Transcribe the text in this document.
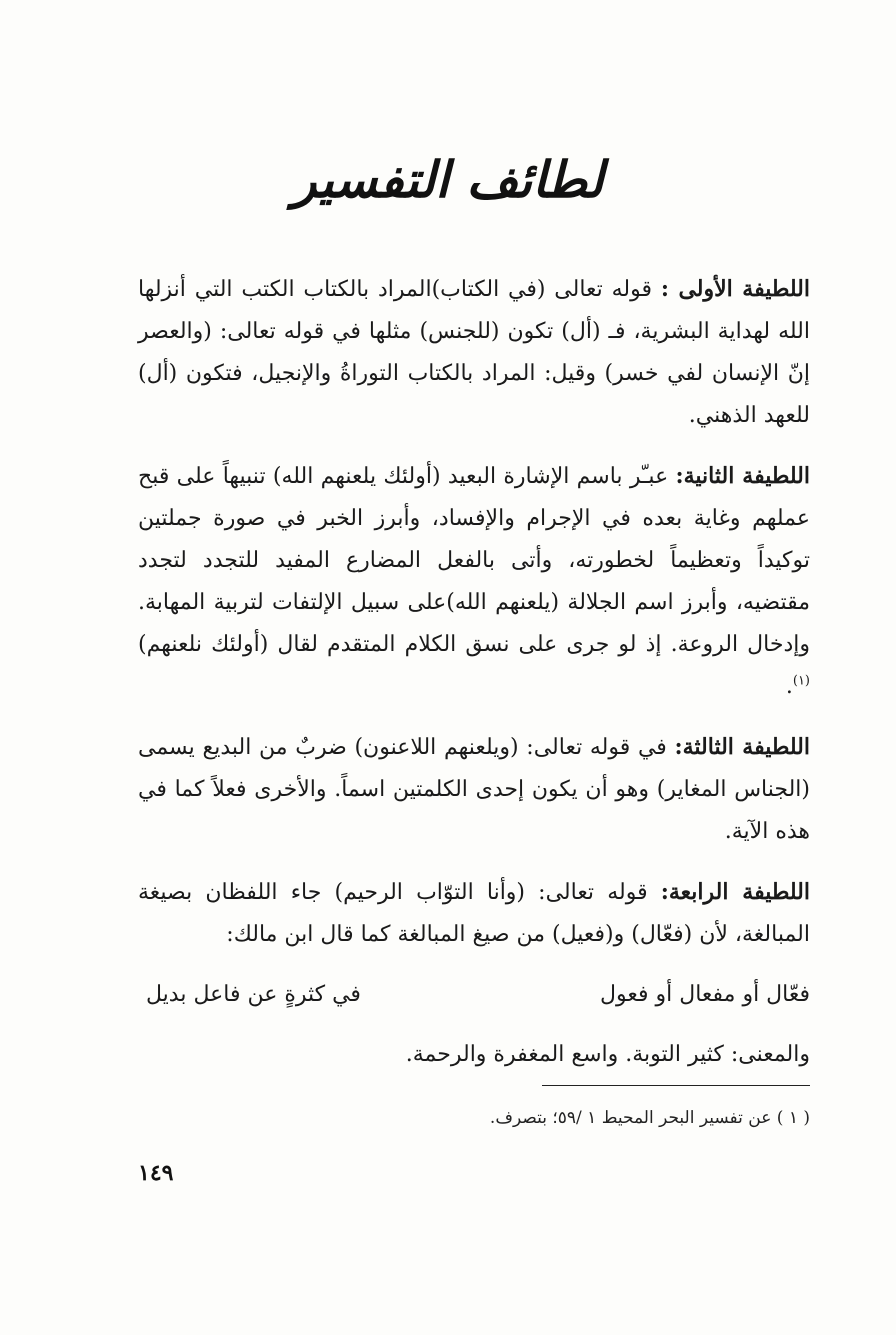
لطائف التفسير

اللطيفة الأولى : قوله تعالى (في الكتاب)المراد بالكتاب الكتب التي أنزلها الله لهداية البشرية، فـ (أل) تكون (للجنس) مثلها في قوله تعالى: (والعصر إنّ الإنسان لفي خسر) وقيل: المراد بالكتاب التوراةُ والإنجيل، فتكون (أل) للعهد الذهني.

اللطيفة الثانية: عبـّر باسم الإشارة البعيد (أولئك يلعنهم الله) تنبيهاً على قبح عملهم وغاية بعده في الإجرام والإفساد، وأبرز الخبر في صورة جملتين توكيداً وتعظيماً لخطورته، وأتى بالفعل المضارع المفيد للتجدد لتجدد مقتضيه، وأبرز اسم الجلالة (يلعنهم الله)على سبيل الإلتفات لتربية المهابة. وإدخال الروعة. إذ لو جرى على نسق الكلام المتقدم لقال (أولئك نلعنهم)$^{(١)}$.

اللطيفة الثالثة: في قوله تعالى: (ويلعنهم اللاعنون) ضربٌ من البديع يسمى (الجناس المغاير) وهو أن يكون إحدى الكلمتين اسماً. والأخرى فعلاً كما في هذه الآية.

اللطيفة الرابعة: قوله تعالى: (وأنا التوّاب الرحيم) جاء اللفظان بصيغة المبالغة، لأن (فعّال) و(فعيل) من صيغ المبالغة كما قال ابن مالك:

فعّال أو مفعال أو فعول
في كثرةٍ عن فاعل بديل

والمعنى: كثير التوبة. واسع المغفرة والرحمة.

( ١ ) عن تفسير البحر المحيط ١ /٥٩؛ بتصرف.
١٤٩
